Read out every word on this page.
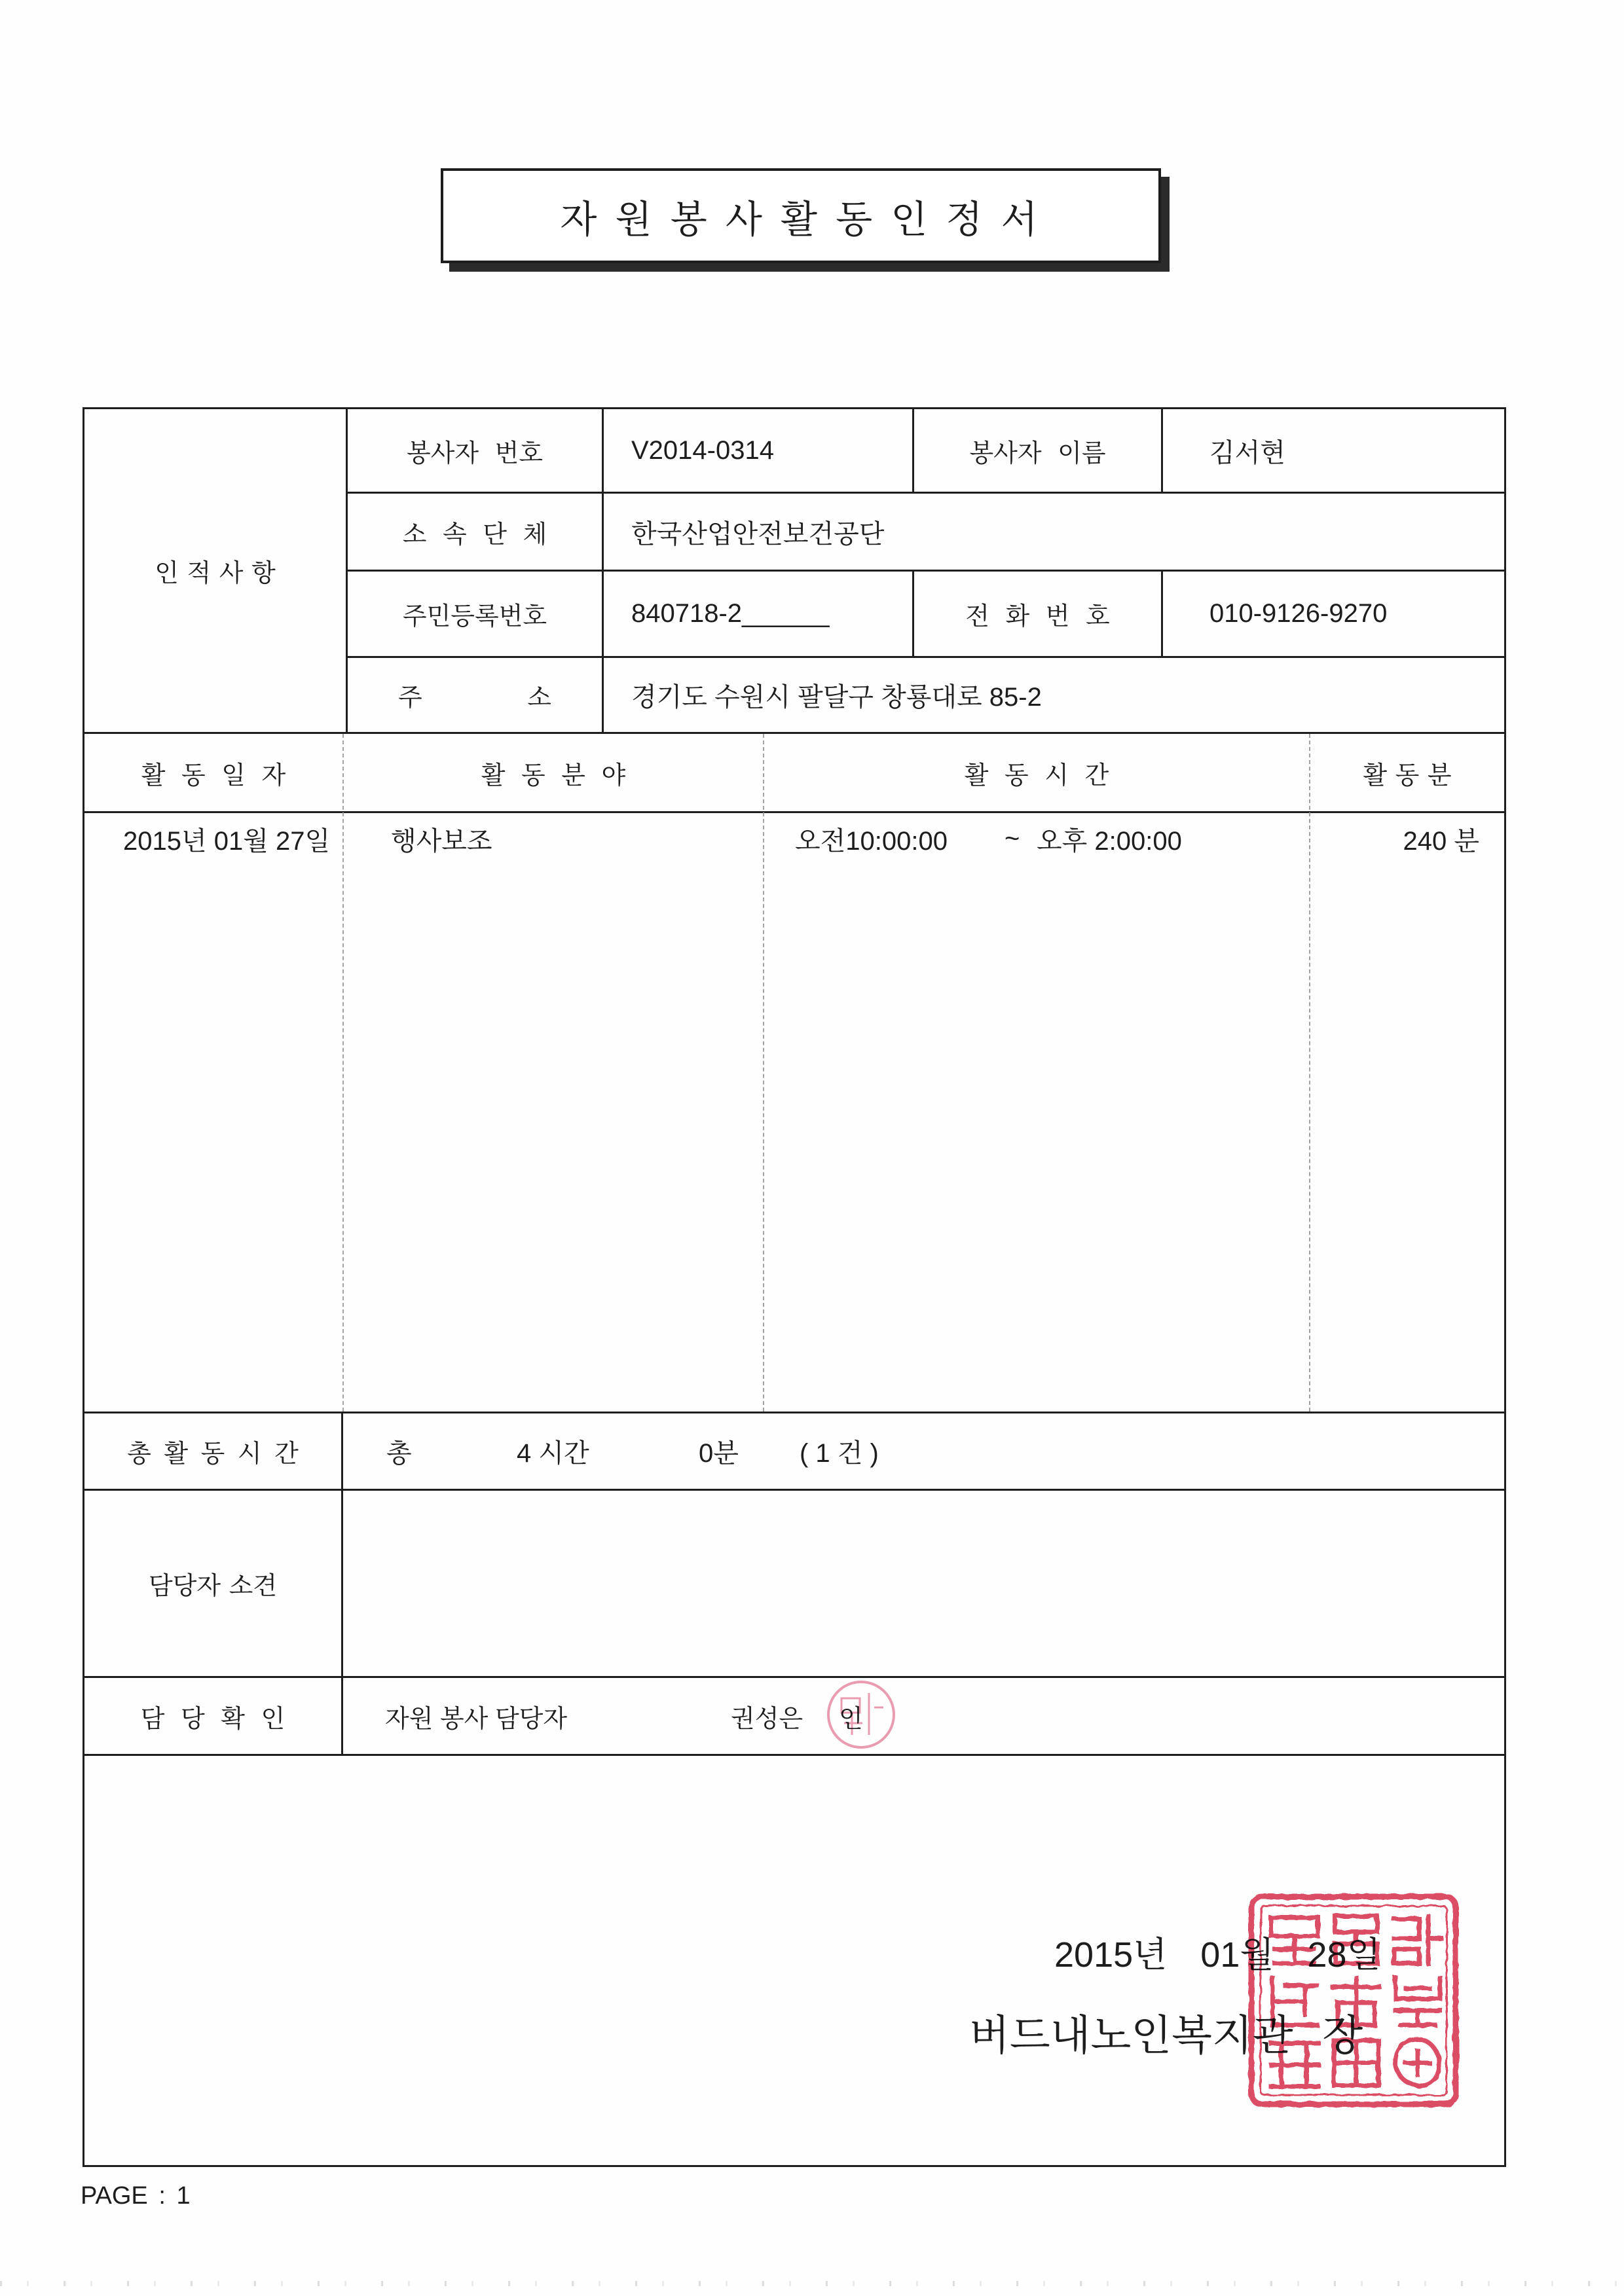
자 원 봉 사 활 동 인 정 서
인 적 사 항
봉사자 번호	V2014-0314	봉사자 이름	김서현
소 속 단 체	한국산업안전보건공단
주민등록번호	840718-2______	전 화 번 호	010-9126-9270
주 소	경기도 수원시 팔달구 창룡대로 85-2
활 동 일 자	활 동 분 야	활 동 시 간	활 동 분
2015년 01월 27일 행사보조	오전10:00:00 ~ 오후 2:00:00	240 분
총 활 동 시 간	총	4 시간	0분 ( 1 건 )
담당자 소견
담 당 확 인	자원 봉사 담당자	권성은 인
2015년 01월 28일
버드내노인복지관 장
PAGE : 1
